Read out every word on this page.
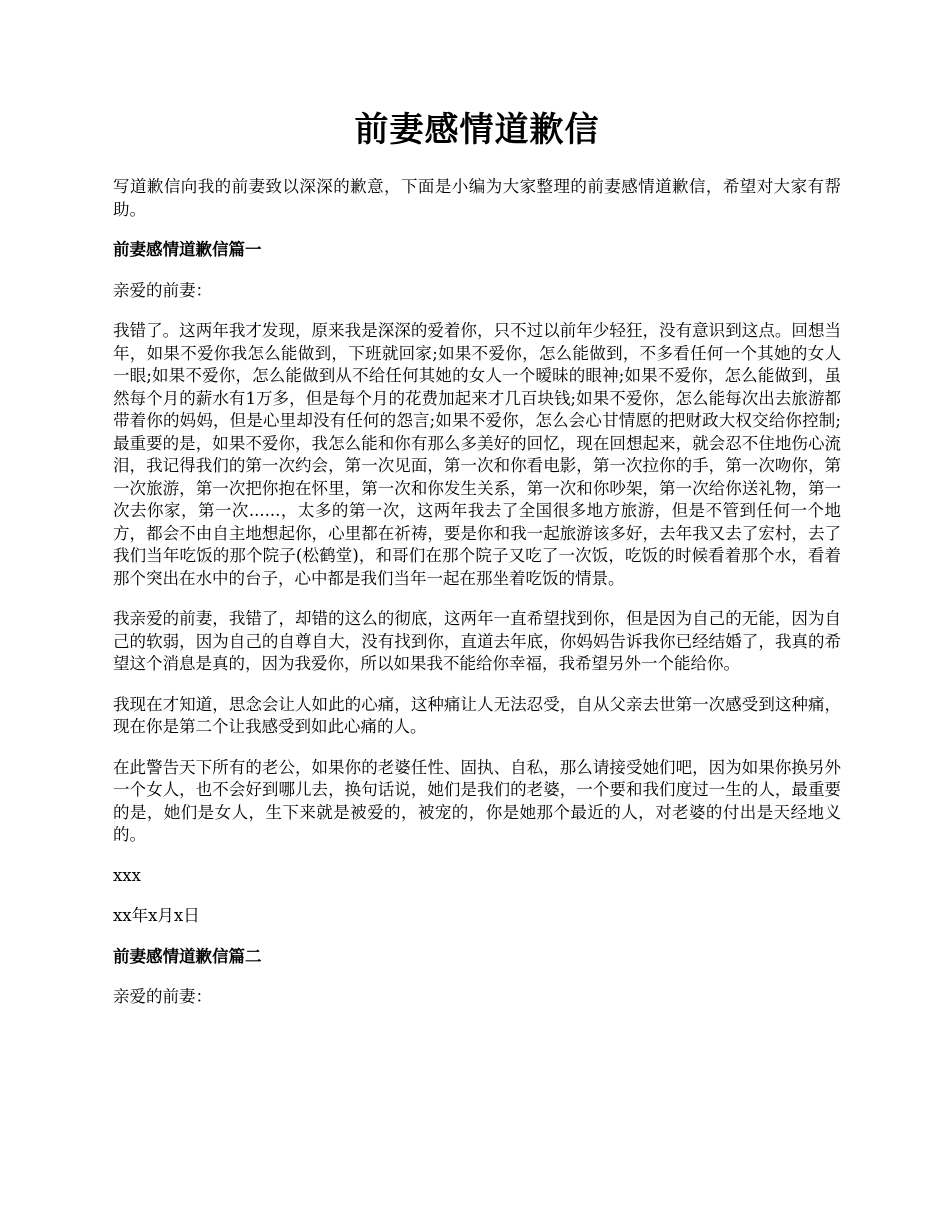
前妻感情道歉信

写道歉信向我的前妻致以深深的歉意，下面是小编为大家整理的前妻感情道歉信，希望对大家有帮助。

前妻感情道歉信篇一

亲爱的前妻：

我错了。这两年我才发现，原来我是深深的爱着你，只不过以前年少轻狂，没有意识到这点。回想当年，如果不爱你我怎么能做到，下班就回家;如果不爱你，怎么能做到，不多看任何一个其她的女人一眼;如果不爱你，怎么能做到从不给任何其她的女人一个暧昧的眼神;如果不爱你，怎么能做到，虽然每个月的薪水有1万多，但是每个月的花费加起来才几百块钱;如果不爱你，怎么能每次出去旅游都带着你的妈妈，但是心里却没有任何的怨言;如果不爱你，怎么会心甘情愿的把财政大权交给你控制;最重要的是，如果不爱你，我怎么能和你有那么多美好的回忆，现在回想起来，就会忍不住地伤心流泪，我记得我们的第一次约会，第一次见面，第一次和你看电影，第一次拉你的手，第一次吻你，第一次旅游，第一次把你抱在怀里，第一次和你发生关系，第一次和你吵架，第一次给你送礼物，第一次去你家，第一次......，太多的第一次，这两年我去了全国很多地方旅游，但是不管到任何一个地方，都会不由自主地想起你，心里都在祈祷，要是你和我一起旅游该多好，去年我又去了宏村，去了我们当年吃饭的那个院子(松鹤堂)，和哥们在那个院子又吃了一次饭，吃饭的时候看着那个水，看着那个突出在水中的台子，心中都是我们当年一起在那坐着吃饭的情景。

我亲爱的前妻，我错了，却错的这么的彻底，这两年一直希望找到你，但是因为自己的无能，因为自己的软弱，因为自己的自尊自大，没有找到你，直道去年底，你妈妈告诉我你已经结婚了，我真的希望这个消息是真的，因为我爱你，所以如果我不能给你幸福，我希望另外一个能给你。

我现在才知道，思念会让人如此的心痛，这种痛让人无法忍受，自从父亲去世第一次感受到这种痛，现在你是第二个让我感受到如此心痛的人。

在此警告天下所有的老公，如果你的老婆任性、固执、自私，那么请接受她们吧，因为如果你换另外一个女人，也不会好到哪儿去，换句话说，她们是我们的老婆，一个要和我们度过一生的人，最重要的是，她们是女人，生下来就是被爱的，被宠的，你是她那个最近的人，对老婆的付出是天经地义的。

xxx

xx年x月x日

前妻感情道歉信篇二

亲爱的前妻：
